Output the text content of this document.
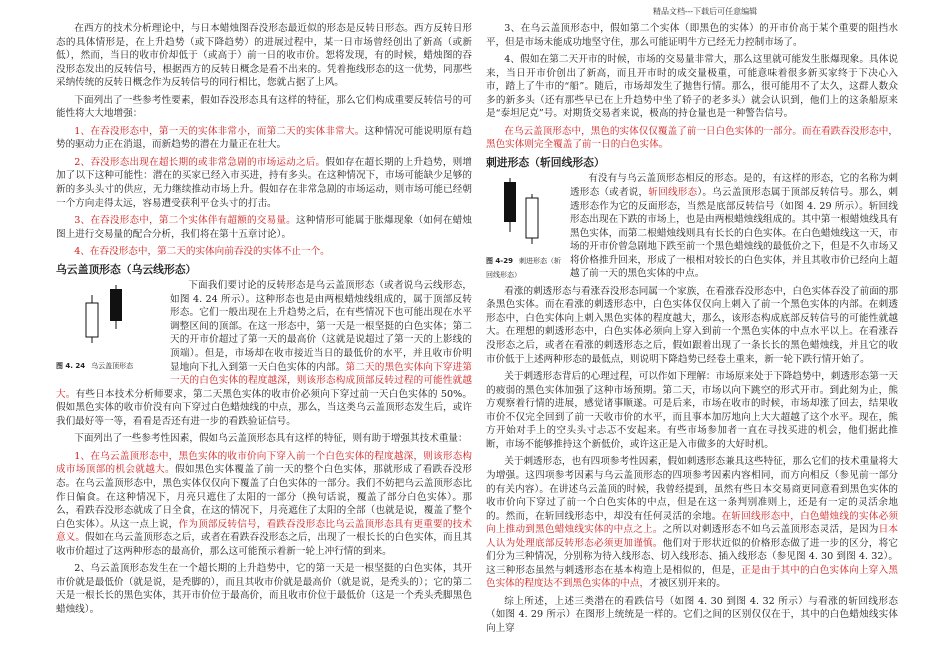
精品文档---下载后可任意编辑

在西方的技术分析理论中，与日本蜡烛图吞没形态最近似的形态是反转日形态。西方反转日形态的具体情形是，在上升趋势（或下降趋势）的进展过程中，某一日市场曾经创出了新高（或新低），然而，当日的收市价却低于（或高于）前一日的收市价。恕将发现，有的时候，蜡烛图的吞没形态发出的反转信号，根据西方的反转日概念是看不出来的。凭着拖线形态的这一优势，同那些采纳传统的反转日概念作为反转信号的同行相比，您就占据了上风。

下面列出了一些参考性要素，假如吞没形态具有这样的特征，那么它们构成重要反转信号的可能性将大大地增强：

1、在吞没形态中，第一天的实体非常小，而第二天的实体非常大。这种情况可能说明原有趋势的驱动力正在消退，而新趋势的潜在力量正在壮大。

2、吞没形态出现在超长期的或非常急剧的市场运动之后。假如存在超长期的上升趋势，则增加了以下这种可能性：潜在的买家已经入市买进，持有多头。在这种情况下，市场可能缺少足够的新的多头头寸的供应，无力继续推动市场上升。假如存在非常急剧的市场运动，则市场可能已经朝一个方向走得太远，容易遭受获利平仓头寸的打击。

3、在吞没形态中，第二个实体伴有超额的交易量。这种情形可能属于胀爆现象（如何在蜡烛图上进行交易量的配合分析，我们将在第十五章讨论）。

4、在吞没形态中，第二天的实体向前吞没的实体不止一个。

乌云盖顶形态（乌云线形态）
图 4. 24 乌云盖顶形态

下面我们要讨论的反转形态是乌云盖顶形态（或者说乌云线形态，如图 4. 24 所示）。这种形态也是由两根蜡烛线组成的，属于顶部反转形态。它们一般出现在上升趋势之后，在有些情况下也可能出现在水平调整区间的顶部。在这一形态中，第一天是一根坚挺的白色实体；第二天的开市价超过了第一天的最高价（这就是说超过了第一天的上影线的顶端）。但是，市场却在收市接近当日的最低价的水平，并且收市价明显地向下扎入到第一天白色实体的内部。第二天的黑色实体向下穿进第一天的白色实体的程度越深，则该形态构成顶部反转过程的可能性就越大。有些日本技术分析师要求，第二天黑色实体的收市价必须向下穿过前一天白色实体的 50%。假如黑色实体的收市价没有向下穿过白色蜡烛线的中点，那么，当这类乌云盖顶形态发生后，或许我们最好等一等，看看是否还有进一步的看跌验证信号。

下面列出了一些参考性因素，假如乌云盖顶形态具有这样的特征，则有助于增强其技术重量：

1、在乌云盖顶形态中，黑色实体的收市价向下穿入前一个白色实体的程度越深，则该形态构成市场顶部的机会就越大。假如黑色实体覆盖了前一天的整个白色实体，那就形成了看跌吞没形态。在乌云盖顶形态中，黑色实体仅仅向下覆盖了白色实体的一部分。我们不妨把乌云盖顶形态比作日偏食。在这种情况下，月亮只遮住了太阳的一部分（换句话说，覆盖了部分白色实体）。那么，看跌吞没形态就成了日全食，在这的情况下，月亮遮住了太阳的全部（也就是说，覆盖了整个白色实体）。从这一点上说，作为顶部反转信号，看跌吞没形态比乌云盖顶形态具有更重要的技术意义。假如在乌云盖顶形态之后，或者在看跌吞没形态之后，出现了一根长长的白色实体，而且其收市价超过了这两种形态的最高价，那么这可能预示着新一轮上冲行情的到来。

2、乌云盖顶形态发生在一个超长期的上升趋势中，它的第一天是一根坚挺的白色实体，其开市价就是最低价（就是说，是秃脚的），而且其收市价就是最高价（就是说，是秃头的）；它的第二天是一根长长的黑色实体，其开市价位于最高价，而且收市价位于最低价（这是一个秃头秃脚黑色蜡烛线）。

3、在乌云盖顶形态中，假如第二个实体（即黑色的实体）的开市价高于某个重要的阻挡水平，但是市场未能成功地坚守住，那么可能证明牛方已经无力控制市场了。

4、假如在第二天开市的时候，市场的交易量非常大，那么这里就可能发生胀爆现象。具体说来，当日开市价创出了新高，而且开市时的成交量极重，可能意味着很多新买家终于下决心入市，踏上了牛市的“船”。随后，市场却发生了抛售行情。那么，很可能用不了太久，这群人数众多的新多头（还有那些早已在上升趋势中坐了轿子的老多头）就会认识到，他们上的这条船原来是“泰坦尼克”号。对期货交易者来说，极高的持仓量也是一种警告信号。

在乌云盖顶形态中，黑色的实体仅仅覆盖了前一日白色实体的一部分。而在看跌吞没形态中，黑色实体则完全覆盖了前一日的白色实体。

刺进形态（斩回线形态）
图 4-29 刺进形态（斩回线形态）

有没有与乌云盖顶形态相反的形态。是的，有这样的形态，它的名称为刺透形态（或者说，斩回线形态）。乌云盖顶形态属于顶部反转信号。那么，刺透形态作为它的反面形态，当然是底部反转信号（如图 4. 29 所示）。斩回线形态出现在下跌的市场上，也是由两根蜡烛线组成的。其中第一根蜡烛线具有黑色实体，而第二根蜡烛线则具有长长的白色实体。在白色蜡烛线这一天，市场的开市价曾急剧地下跌至前一个黑色蜡烛线的最低价之下，但是不久市场又将价格推升回来，形成了一根相对较长的白色实体，并且其收市价已经向上超越了前一天的黑色实体的中点。

看涨的刺透形态与看涨吞没形态同属一个家族，在看涨吞没形态中，白色实体吞没了前面的那条黑色实体。而在看涨的刺透形态中，白色实体仅仅向上刺入了前一个黑色实体的内部。在刺透形态中，白色实体向上刺入黑色实体的程度越大，那么，该形态构成底部反转信号的可能性就越大。在理想的刺透形态中，白色实体必须向上穿入到前一个黑色实体的中点水平以上。在看涨吞没形态之后，或者在看涨的刺透形态之后，假如跟着出现了一条长长的黑色蜡烛线，并且它的收市价低于上述两种形态的最低点，则说明下降趋势已经卷土重来，新一轮下跌行情开始了。

关于刺透形态背后的心理过程，可以作如下理解：市场原来处于下降趋势中，刺透形态第一天的疲弱的黑色实体加强了这种市场预期。第二天，市场以向下跳空的形式开市。到此刻为止，熊方观察着行情的进展，感觉诸事顺遂。可是后来，市场在收市的时候，市场却涨了回去，结果收市价不仅完全回到了前一天收市价的水平，而且事本加厉地向上大大超越了这个水平。现在，熊方开始对手上的空头头寸忐忑不安起来。有些市场参加者一直在寻找买进的机会，他们据此推断，市场不能够推持这个新低价，或许这正是入市做多的大好时机。

关于刺透形态，也有四项参考性因素，假如刺透形态兼具这些特征，那么它们的技术重量将大为增强。这四项参考因素与乌云盖顶形态的四项参考因素内容相同，而方向相反（参见前一部分的有关内容）。在讲述乌云盖顶的时候，我曾经提到，虽然有些日本交易商更同意看到黑色实体的收市价向下穿过了前一个白色实体的中点，但是在这一条判别准则上，还是有一定的灵活余地的。然而，在斩回线形态中，却没有任何灵活的余地。在斩回线形态中，白色蜡烛线的实体必须向上推动到黑色蜡烛线实体的中点之上。之所以对刺透形态不如乌云盖顶形态灵活，是因为日本人认为处理底部反转形态必须更加谨慎。他们对于形状近似的价格形态做了进一步的区分，将它们分为三种情况，分别称为待入线形态、切入线形态、插入线形态（参见图 4. 30 到图 4. 32）。这三种形态虽然与刺透形态在基本构造上是相似的，但是，正是由于其中的白色实体向上穿入黑色实体的程度达不到黑色实体的中点，才被区别开来的。

综上所述，上述三类潜在的看跌信号（如图 4. 30 到图 4. 32 所示）与看涨的斩回线形态（如图 4. 29 所示）在图形上统统是一样的。它们之间的区别仅仅在于，其中的白色蜡烛线实体向上穿
